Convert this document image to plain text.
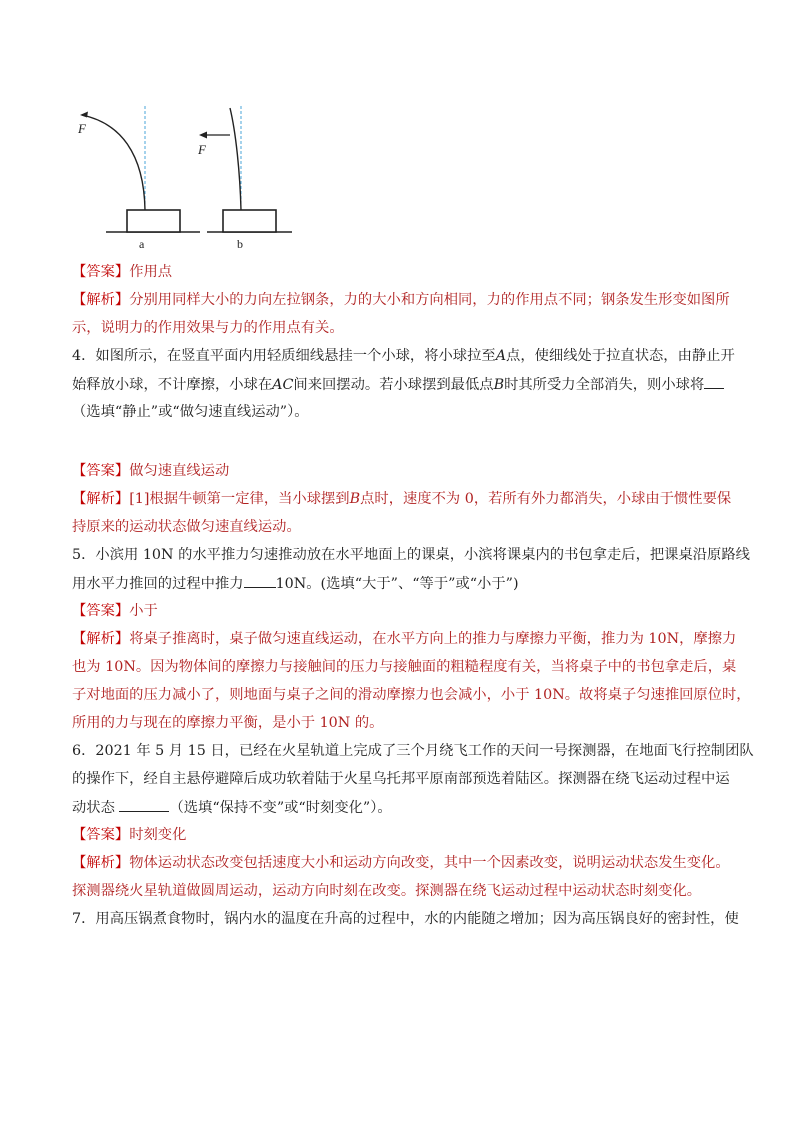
F
a
F
b
【答案】作用点
【解析】分别用同样大小的力向左拉钢条，力的大小和方向相同，力的作用点不同；钢条发生形变如图所
示，说明力的作用效果与力的作用点有关。
4．如图所示，在竖直平面内用轻质细线悬挂一个小球，将小球拉至A点，使细线处于拉直状态，由静止开
始释放小球，不计摩擦，小球在AC间来回摆动。若小球摆到最低点B时其所受力全部消失，则小球将
（选填“静止”或“做匀速直线运动”）。
【答案】做匀速直线运动
【解析】[1]根据牛顿第一定律，当小球摆到B点时，速度不为 0，若所有外力都消失，小球由于惯性要保
持原来的运动状态做匀速直线运动。
5．小滨用 10N 的水平推力匀速推动放在水平地面上的课桌，小滨将课桌内的书包拿走后，把课桌沿原路线
用水平力推回的过程中推力 10N。(选填“大于”、“等于”或“小于”)
【答案】小于
【解析】将桌子推离时，桌子做匀速直线运动，在水平方向上的推力与摩擦力平衡，推力为 10N，摩擦力
也为 10N。因为物体间的摩擦力与接触间的压力与接触面的粗糙程度有关，当将桌子中的书包拿走后，桌
子对地面的压力减小了，则地面与桌子之间的滑动摩擦力也会减小，小于 10N。故将桌子匀速推回原位时，
所用的力与现在的摩擦力平衡，是小于 10N 的。
6．2021 年 5 月 15 日，已经在火星轨道上完成了三个月绕飞工作的天问一号探测器，在地面飞行控制团队
的操作下，经自主悬停避障后成功软着陆于火星乌托邦平原南部预选着陆区。探测器在绕飞运动过程中运
动状态	（选填“保持不变”或“时刻变化”）。
【答案】时刻变化
【解析】物体运动状态改变包括速度大小和运动方向改变，其中一个因素改变，说明运动状态发生变化。
探测器绕火星轨道做圆周运动，运动方向时刻在改变。探测器在绕飞运动过程中运动状态时刻变化。
7．用高压锅煮食物时，锅内水的温度在升高的过程中，水的内能随之增加；因为高压锅良好的密封性，使
